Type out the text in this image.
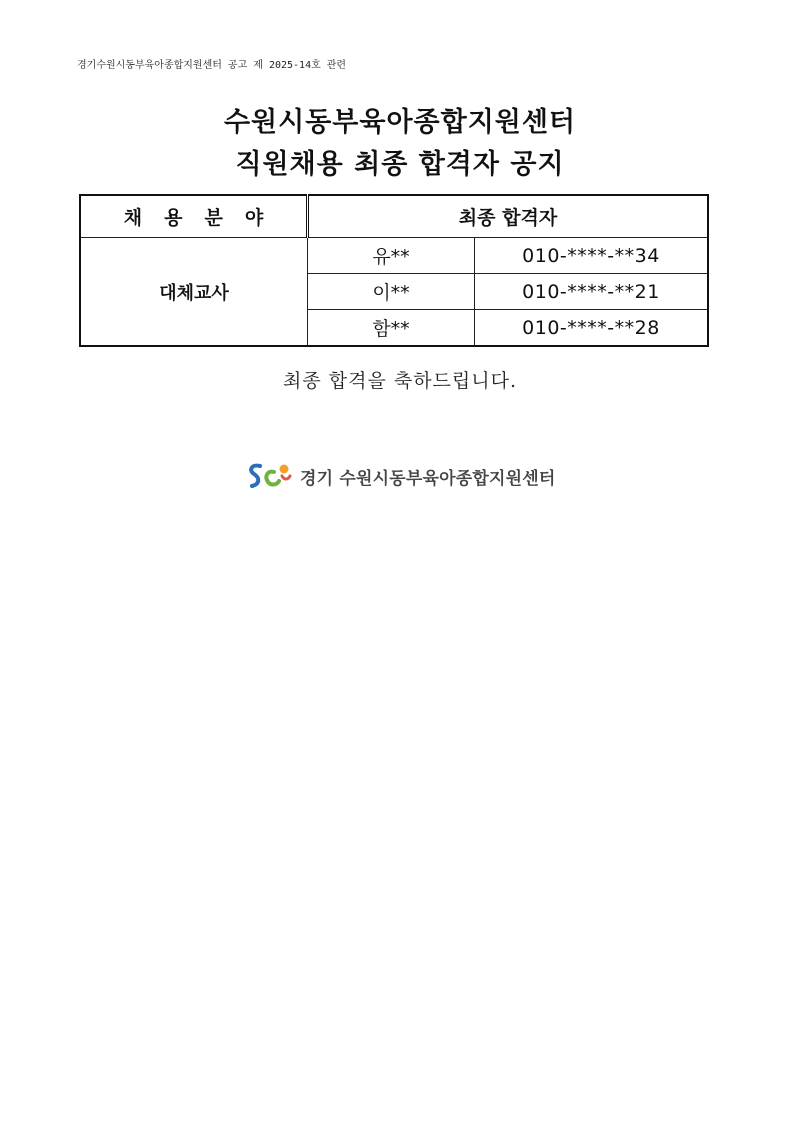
경기수원시동부육아종합지원센터 공고 제 2025-14호 관련
수원시동부육아종합지원센터
직원채용 최종 합격자 공지
채용분야	최종 합격자	
대체교사	유**	010-****-**34
	이**	010-****-**21
	함**	010-****-**28
최종 합격을 축하드립니다.
경기 수원시동부육아종합지원센터
